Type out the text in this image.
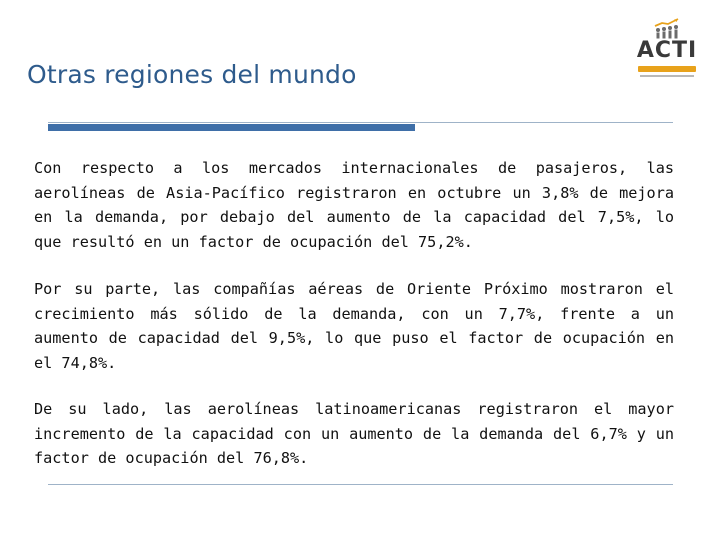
Otras regiones del mundo
ACTI

Con respecto a los mercados internacionales de pasajeros, las aerolíneas de Asia-Pacífico registraron en octubre un 3,8% de mejora en la demanda, por debajo del aumento de la capacidad del 7,5%, lo que resultó en un factor de ocupación del 75,2%.

Por su parte, las compañías aéreas de Oriente Próximo mostraron el crecimiento más sólido de la demanda, con un 7,7%, frente a un aumento de capacidad del 9,5%, lo que puso el factor de ocupación en el 74,8%.

De su lado, las aerolíneas latinoamericanas registraron el mayor incremento de la capacidad con un aumento de la demanda del 6,7% y un factor de ocupación del 76,8%.
